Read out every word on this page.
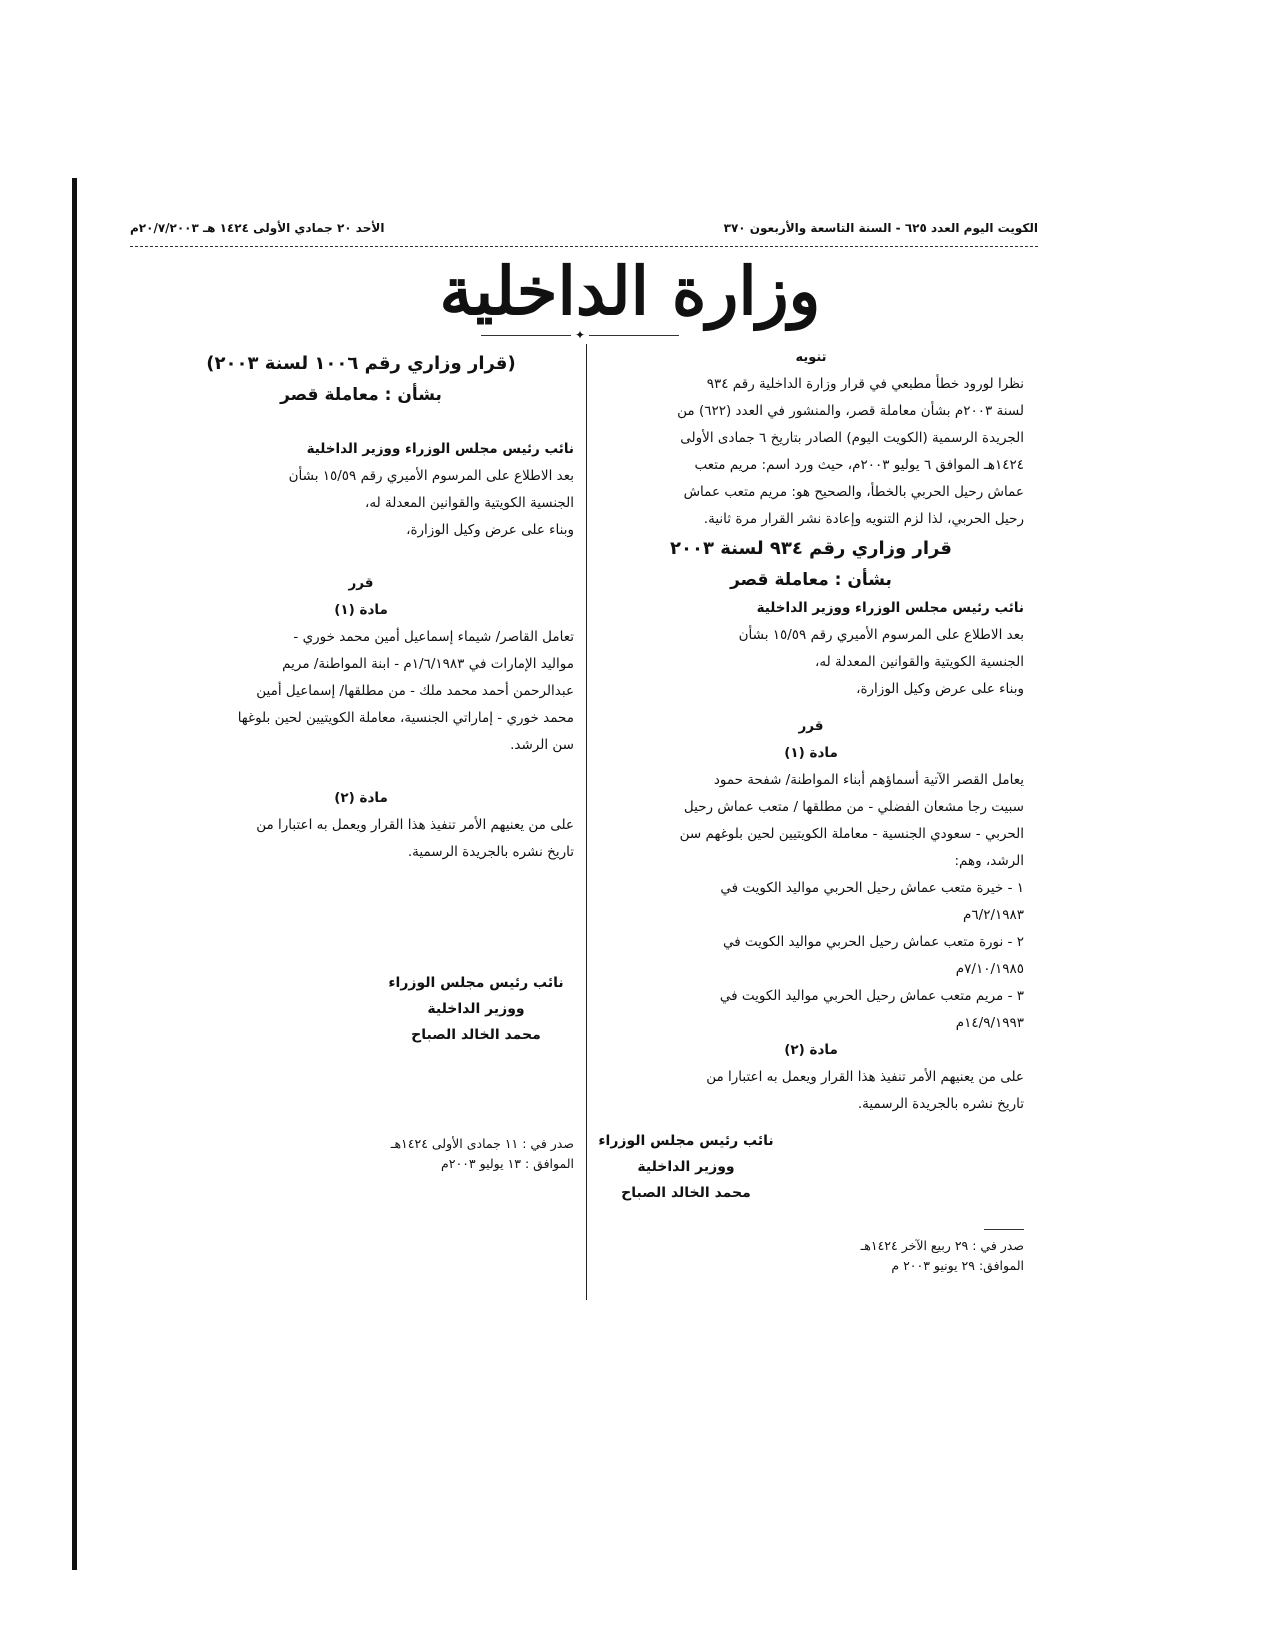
الكويت اليوم العدد ٦٢٥ - السنة التاسعة والأربعون ٣٧٠
الأحد ٢٠ جمادي الأولى ١٤٢٤ هـ ٢٠/٧/٢٠٠٣م
وزارة الداخلية
✦

تنويه

نظرا لورود خطأ مطبعي في قرار وزارة الداخلية رقم ٩٣٤

لسنة ٢٠٠٣م بشأن معاملة قصر، والمنشور في العدد (٦٢٢) من

الجريدة الرسمية (الكويت اليوم) الصادر بتاريخ ٦ جمادى الأولى

١٤٢٤هـ الموافق ٦ يوليو ٢٠٠٣م، حيث ورد اسم: مريم متعب

عماش رحيل الحربي بالخطأ، والصحيح هو: مريم متعب عماش

رحيل الحربي، لذا لزم التنويه وإعادة نشر القرار مرة ثانية.

قرار وزاري رقم ٩٣٤ لسنة ٢٠٠٣

بشأن : معاملة قصر

نائب رئيس مجلس الوزراء ووزير الداخلية

بعد الاطلاع على المرسوم الأميري رقم ١٥/٥٩ بشأن

الجنسية الكويتية والقوانين المعدلة له،

وبناء على عرض وكيل الوزارة،

قرر

مادة (١)

يعامل القصر الآتية أسماؤهم أبناء المواطنة/ شفحة حمود

سبيت رجا مشعان الفضلي - من مطلقها / متعب عماش رحيل

الحربي - سعودي الجنسية - معاملة الكويتيين لحين بلوغهم سن

الرشد، وهم:

١ - خيرة متعب عماش رحيل الحربي مواليد الكويت في

٦/٢/١٩٨٣م

٢ - نورة متعب عماش رحيل الحربي مواليد الكويت في

٧/١٠/١٩٨٥م

٣ - مريم متعب عماش رحيل الحربي مواليد الكويت في

١٤/٩/١٩٩٣م

مادة (٢)

على من يعنيهم الأمر تنفيذ هذا القرار ويعمل به اعتبارا من

تاريخ نشره بالجريدة الرسمية.

نائب رئيس مجلس الوزراء
ووزير الداخلية
محمد الخالد الصباح
صدر في : ٢٩ ربيع الآخر ١٤٢٤هـ
الموافق: ٢٩ يونيو ٢٠٠٣ م

(قرار وزاري رقم ١٠٠٦ لسنة ٢٠٠٣)

بشأن : معاملة قصر

نائب رئيس مجلس الوزراء ووزير الداخلية

بعد الاطلاع على المرسوم الأميري رقم ١٥/٥٩ بشأن

الجنسية الكويتية والقوانين المعدلة له،

وبناء على عرض وكيل الوزارة،

قرر

مادة (١)

تعامل القاصر/ شيماء إسماعيل أمين محمد خوري -

مواليد الإمارات في ١/٦/١٩٨٣م - ابنة المواطنة/ مريم

عبدالرحمن أحمد محمد ملك - من مطلقها/ إسماعيل أمين

محمد خوري - إماراتي الجنسية، معاملة الكويتيين لحين بلوغها

سن الرشد.

مادة (٢)

على من يعنيهم الأمر تنفيذ هذا القرار ويعمل به اعتبارا من

تاريخ نشره بالجريدة الرسمية.

نائب رئيس مجلس الوزراء
ووزير الداخلية
محمد الخالد الصباح
صدر في : ١١ جمادى الأولى ١٤٢٤هـ
الموافق : ١٣ يوليو ٢٠٠٣م
